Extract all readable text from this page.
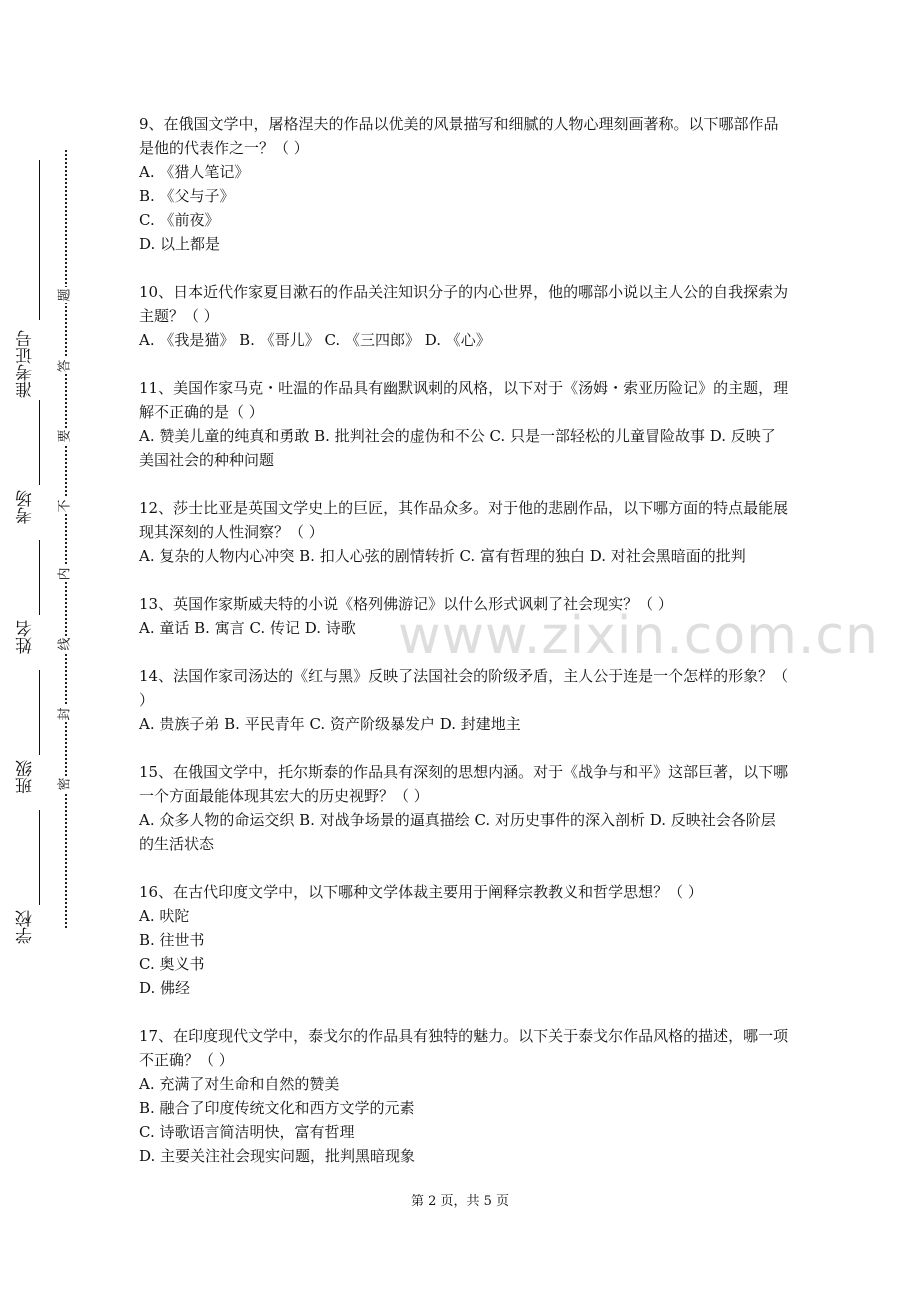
准考证号
考场
姓名
班级
学校
题
答
要
不
内
线
封
密

9、在俄国文学中，屠格涅夫的作品以优美的风景描写和细腻的人物心理刻画著称。以下哪部作品是他的代表作之一？（ ）

A. 《猎人笔记》

B. 《父与子》

C. 《前夜》

D. 以上都是

10、日本近代作家夏目漱石的作品关注知识分子的内心世界，他的哪部小说以主人公的自我探索为主题？（ ）

A. 《我是猫》 B. 《哥儿》 C. 《三四郎》 D. 《心》

11、美国作家马克・吐温的作品具有幽默讽刺的风格，以下对于《汤姆・索亚历险记》的主题，理解不正确的是（ ）

A. 赞美儿童的纯真和勇敢 B. 批判社会的虚伪和不公 C. 只是一部轻松的儿童冒险故事 D. 反映了美国社会的种种问题

12、莎士比亚是英国文学史上的巨匠，其作品众多。对于他的悲剧作品，以下哪方面的特点最能展现其深刻的人性洞察？（ ）

A. 复杂的人物内心冲突 B. 扣人心弦的剧情转折 C. 富有哲理的独白 D. 对社会黑暗面的批判

13、英国作家斯威夫特的小说《格列佛游记》以什么形式讽刺了社会现实？（ ）

A. 童话 B. 寓言 C. 传记 D. 诗歌

14、法国作家司汤达的《红与黑》反映了法国社会的阶级矛盾，主人公于连是一个怎样的形象？（ ）

A. 贵族子弟 B. 平民青年 C. 资产阶级暴发户 D. 封建地主

15、在俄国文学中，托尔斯泰的作品具有深刻的思想内涵。对于《战争与和平》这部巨著，以下哪一个方面最能体现其宏大的历史视野？（ ）

A. 众多人物的命运交织 B. 对战争场景的逼真描绘 C. 对历史事件的深入剖析 D. 反映社会各阶层的生活状态

16、在古代印度文学中，以下哪种文学体裁主要用于阐释宗教教义和哲学思想？（ ）

A. 吠陀

B. 往世书

C. 奥义书

D. 佛经

17、在印度现代文学中，泰戈尔的作品具有独特的魅力。以下关于泰戈尔作品风格的描述，哪一项不正确？（ ）

A. 充满了对生命和自然的赞美

B. 融合了印度传统文化和西方文学的元素

C. 诗歌语言简洁明快，富有哲理

D. 主要关注社会现实问题，批判黑暗现象

www.zixin.com.cn
第 2 页，共 5 页
